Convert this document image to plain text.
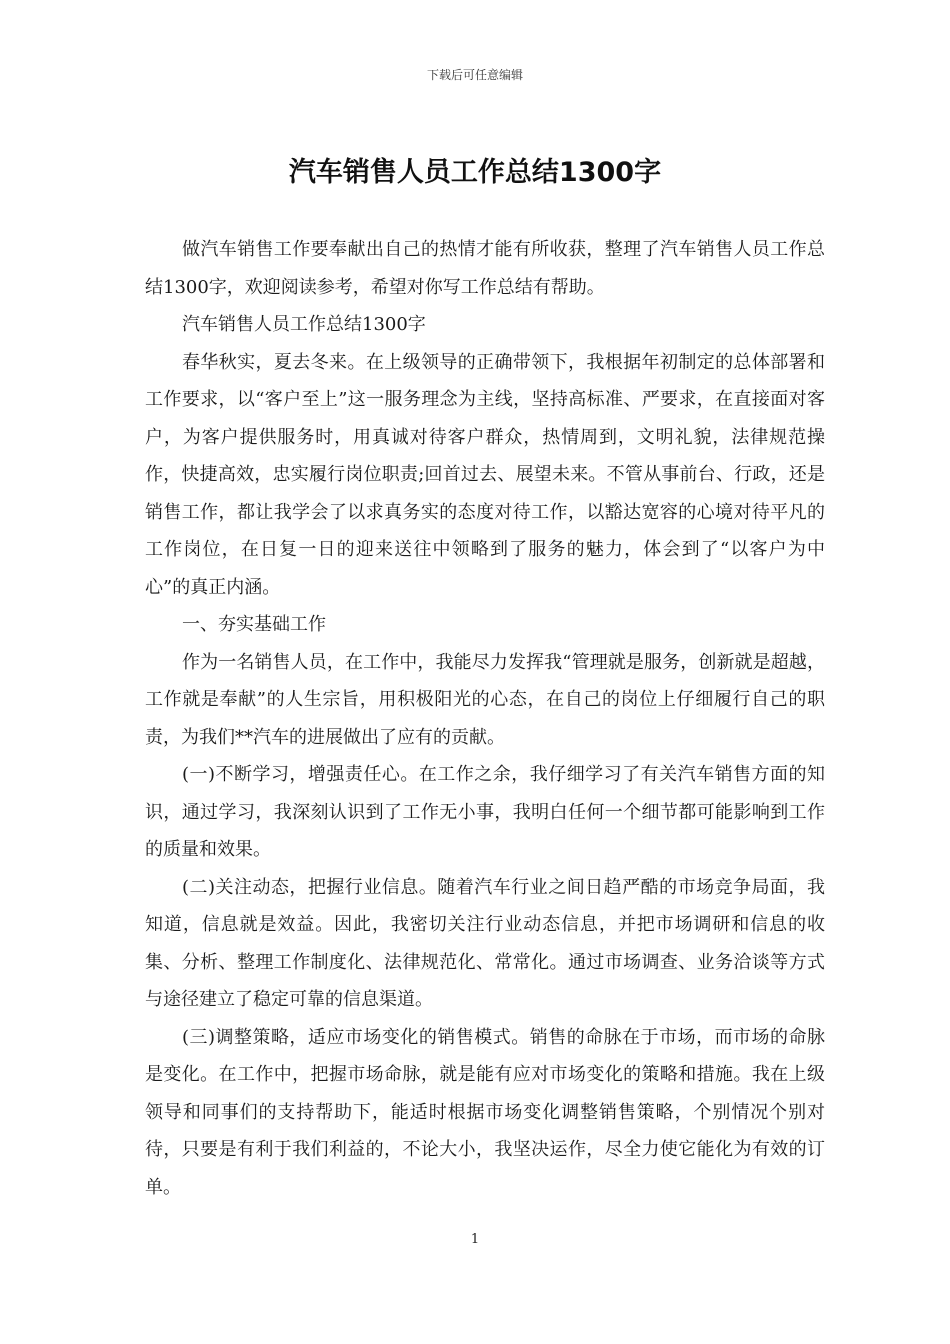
下载后可任意编辑
汽车销售人员工作总结1300字

做汽车销售工作要奉献出自己的热情才能有所收获，整理了汽车销售人员工作总结1300字，欢迎阅读参考，希望对你写工作总结有帮助。

汽车销售人员工作总结1300字

春华秋实，夏去冬来。在上级领导的正确带领下，我根据年初制定的总体部署和工作要求，以“客户至上”这一服务理念为主线，坚持高标准、严要求，在直接面对客户，为客户提供服务时，用真诚对待客户群众，热情周到，文明礼貌，法律规范操作，快捷高效，忠实履行岗位职责;回首过去、展望未来。不管从事前台、行政，还是销售工作，都让我学会了以求真务实的态度对待工作，以豁达宽容的心境对待平凡的工作岗位，在日复一日的迎来送往中领略到了服务的魅力，体会到了“以客户为中心”的真正内涵。

一、夯实基础工作

作为一名销售人员，在工作中，我能尽力发挥我“管理就是服务，创新就是超越，工作就是奉献”的人生宗旨，用积极阳光的心态，在自己的岗位上仔细履行自己的职责，为我们**汽车的进展做出了应有的贡献。

(一)不断学习，增强责任心。在工作之余，我仔细学习了有关汽车销售方面的知识，通过学习，我深刻认识到了工作无小事，我明白任何一个细节都可能影响到工作的质量和效果。

(二)关注动态，把握行业信息。随着汽车行业之间日趋严酷的市场竞争局面，我知道，信息就是效益。因此，我密切关注行业动态信息，并把市场调研和信息的收集、分析、整理工作制度化、法律规范化、常常化。通过市场调查、业务洽谈等方式与途径建立了稳定可靠的信息渠道。

(三)调整策略，适应市场变化的销售模式。销售的命脉在于市场，而市场的命脉是变化。在工作中，把握市场命脉，就是能有应对市场变化的策略和措施。我在上级领导和同事们的支持帮助下，能适时根据市场变化调整销售策略，个别情况个别对待，只要是有利于我们利益的，不论大小，我坚决运作，尽全力使它能化为有效的订单。

1
